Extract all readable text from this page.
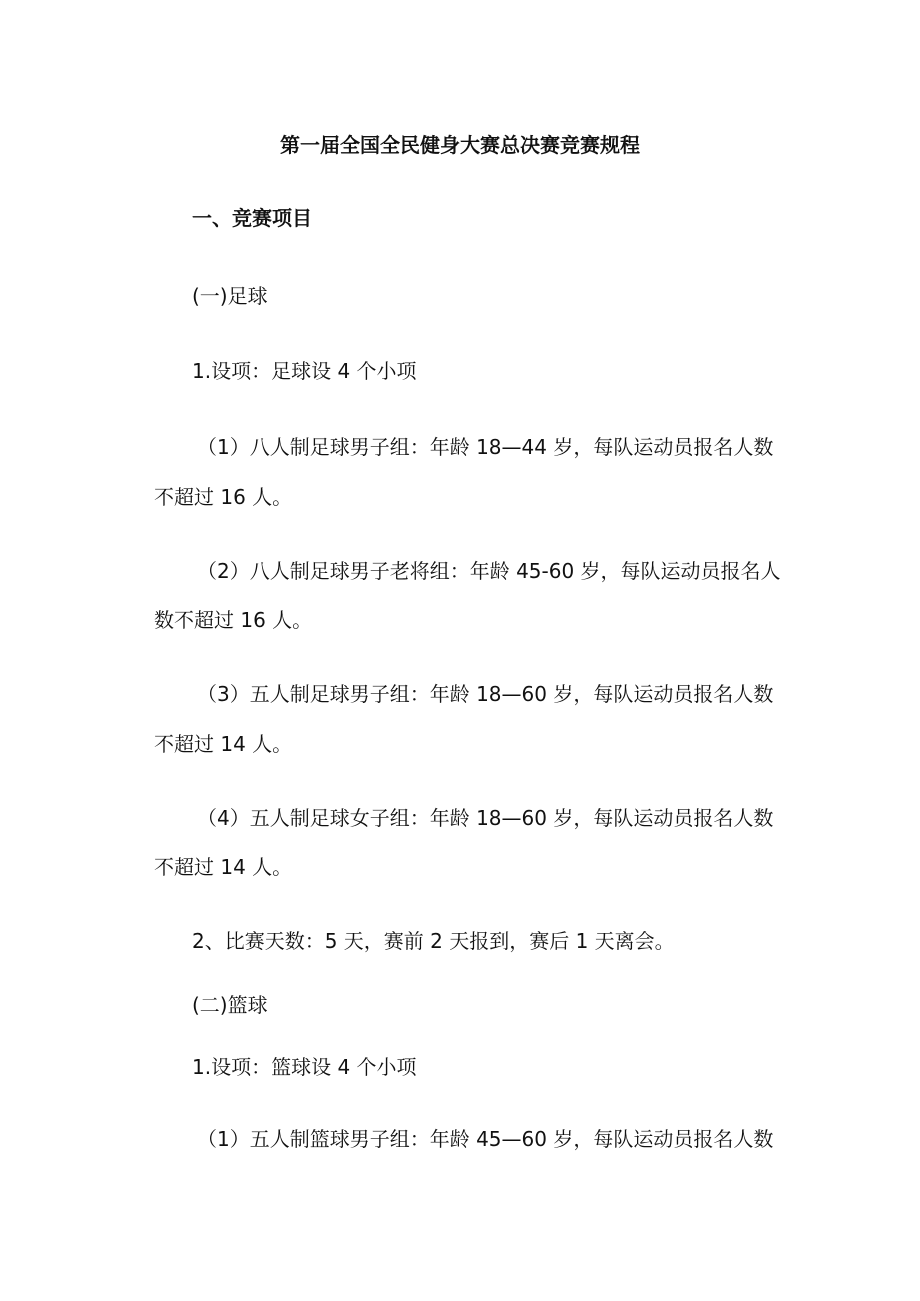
第一届全国全民健身大赛总决赛竞赛规程
一、竞赛项目
(一)足球
1.设项：足球设 4 个小项
（1）八人制足球男子组：年龄 18—44 岁，每队运动员报名人数
不超过 16 人。
（2）八人制足球男子老将组：年龄 45-60 岁，每队运动员报名人
数不超过 16 人。
（3）五人制足球男子组：年龄 18—60 岁，每队运动员报名人数
不超过 14 人。
（4）五人制足球女子组：年龄 18—60 岁，每队运动员报名人数
不超过 14 人。
2、比赛天数：5 天，赛前 2 天报到，赛后 1 天离会。
(二)篮球
1.设项：篮球设 4 个小项
（1）五人制篮球男子组：年龄 45—60 岁，每队运动员报名人数
